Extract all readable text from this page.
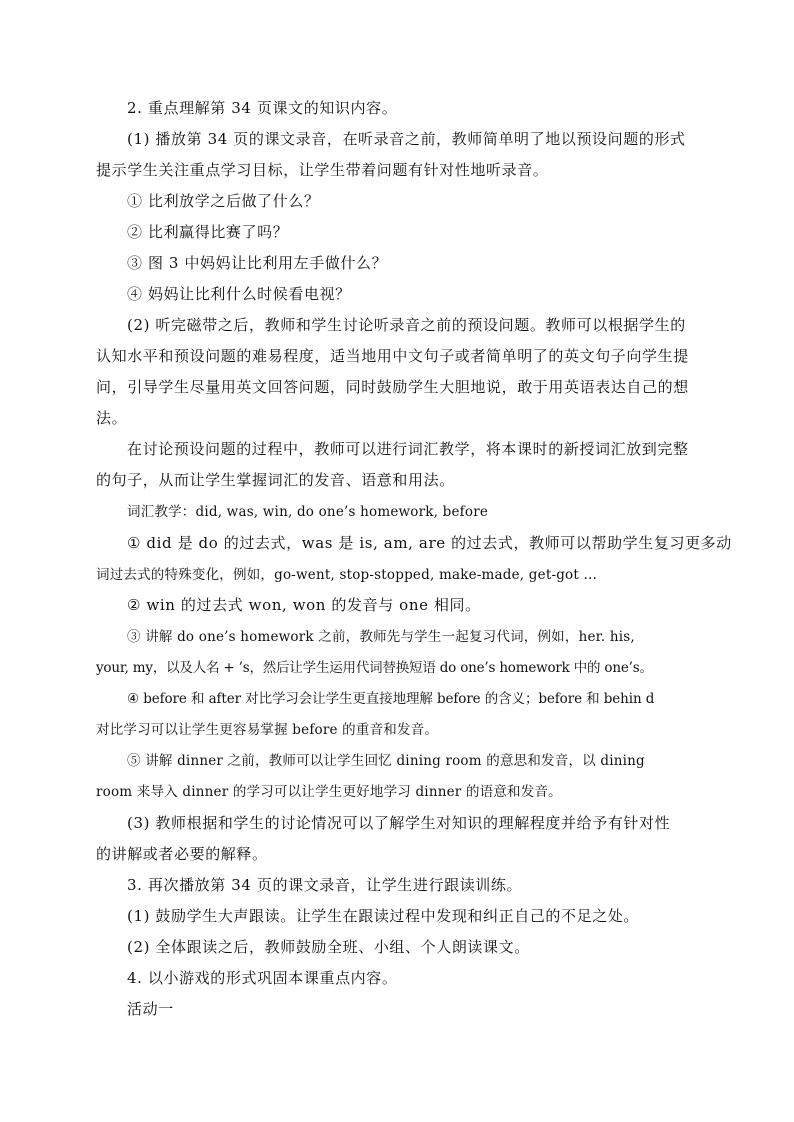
2. 重点理解第 34 页课文的知识内容。
(1) 播放第 34 页的课文录音，在听录音之前，教师简单明了地以预设问题的形式
提示学生关注重点学习目标，让学生带着问题有针对性地听录音。
① 比利放学之后做了什么？
② 比利赢得比赛了吗？
③ 图 3 中妈妈让比利用左手做什么？
④ 妈妈让比利什么时候看电视？
(2) 听完磁带之后，教师和学生讨论听录音之前的预设问题。教师可以根据学生的
认知水平和预设问题的难易程度，适当地用中文句子或者简单明了的英文句子向学生提
问，引导学生尽量用英文回答问题，同时鼓励学生大胆地说，敢于用英语表达自己的想
法。
在讨论预设问题的过程中，教师可以进行词汇教学，将本课时的新授词汇放到完整
的句子，从而让学生掌握词汇的发音、语意和用法。
词汇教学：did, was, win, do one’s homework, before
① did 是 do 的过去式，was 是 is, am, are 的过去式，教师可以帮助学生复习更多动
词过去式的特殊变化，例如，go-went, stop-stopped, make-made, get-got ...
② win 的过去式 won, won 的发音与 one 相同。
③ 讲解 do one’s homework 之前，教师先与学生一起复习代词，例如，her. his,
your, my，以及人名 + ’s，然后让学生运用代词替换短语 do one’s homework 中的 one’s。
④ before 和 after 对比学习会让学生更直接地理解 before 的含义；before 和 behin d
对比学习可以让学生更容易掌握 before 的重音和发音。
⑤ 讲解 dinner 之前，教师可以让学生回忆 dining room 的意思和发音，以 dining
room 来导入 dinner 的学习可以让学生更好地学习 dinner 的语意和发音。
(3) 教师根据和学生的讨论情况可以了解学生对知识的理解程度并给予有针对性
的讲解或者必要的解释。
3. 再次播放第 34 页的课文录音，让学生进行跟读训练。
(1) 鼓励学生大声跟读。让学生在跟读过程中发现和纠正自己的不足之处。
(2) 全体跟读之后，教师鼓励全班、小组、个人朗读课文。
4. 以小游戏的形式巩固本课重点内容。
活动一
